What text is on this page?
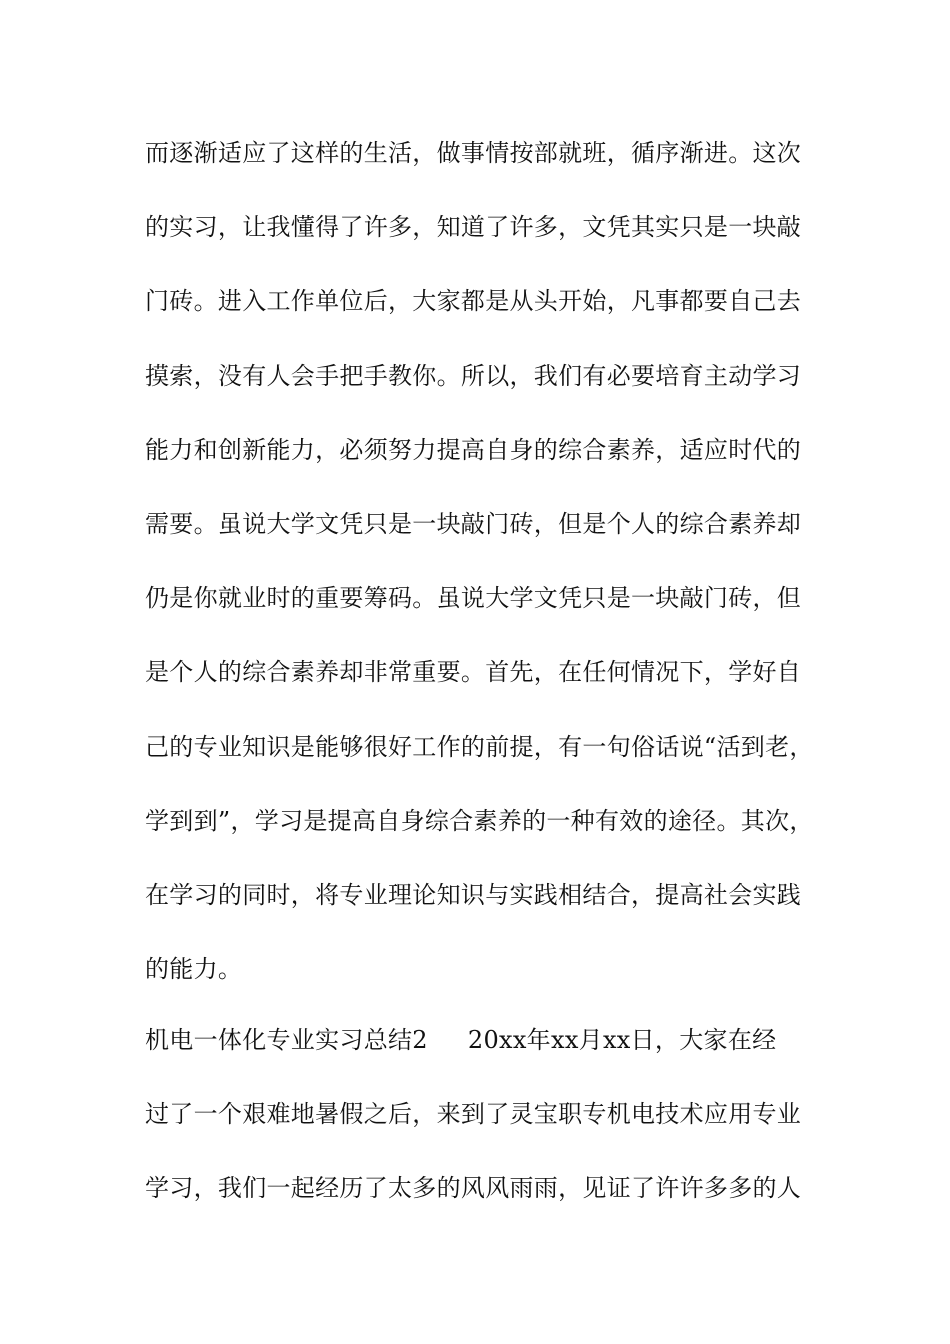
而逐渐适应了这样的生活，做事情按部就班，循序渐进。这次
的实习，让我懂得了许多，知道了许多，文凭其实只是一块敲
门砖。进入工作单位后，大家都是从头开始，凡事都要自己去
摸索，没有人会手把手教你。所以，我们有必要培育主动学习
能力和创新能力，必须努力提高自身的综合素养，适应时代的
需要。虽说大学文凭只是一块敲门砖，但是个人的综合素养却
仍是你就业时的重要筹码。虽说大学文凭只是一块敲门砖，但
是个人的综合素养却非常重要。首先，在任何情况下，学好自
己的专业知识是能够很好工作的前提，有一句俗话说“活到老，
学到到”，学习是提高自身综合素养的一种有效的途径。其次，
在学习的同时，将专业理论知识与实践相结合，提高社会实践
的能力。
机电一体化专业实习总结2 20xx年xx月xx日，大家在经
过了一个艰难地暑假之后，来到了灵宝职专机电技术应用专业
学习，我们一起经历了太多的风风雨雨，见证了许许多多的人
